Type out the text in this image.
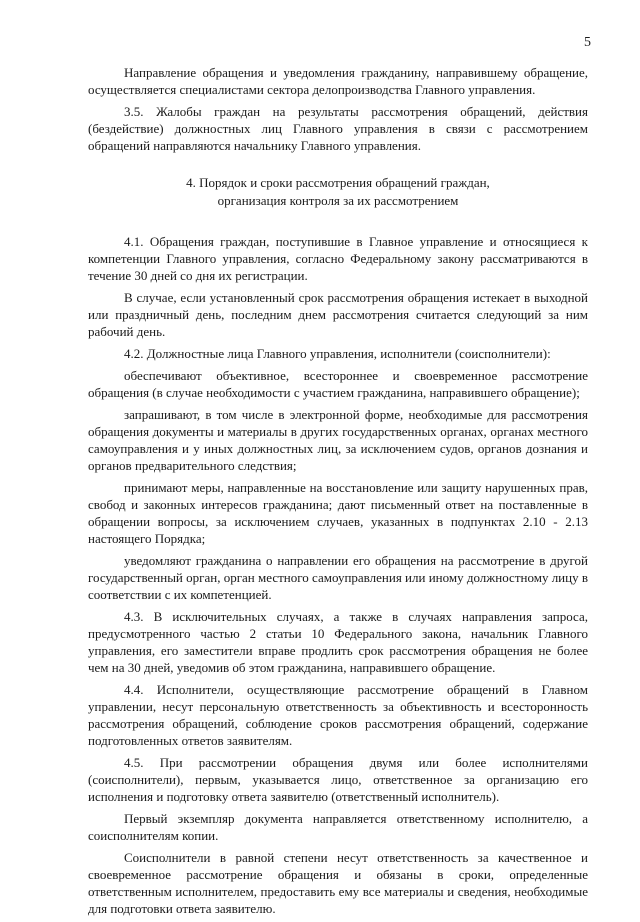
5

Направление обращения и уведомления гражданину, направившему обращение, осуществляется специалистами сектора делопроизводства Главного управления.

3.5. Жалобы граждан на результаты рассмотрения обращений, действия (бездействие) должностных лиц Главного управления в связи с рассмотрением обращений направляются начальнику Главного управления.

4. Порядок и сроки рассмотрения обращений граждан,
организация контроля за их рассмотрением

4.1. Обращения граждан, поступившие в Главное управление и относящиеся к компетенции Главного управления, согласно Федеральному закону рассматриваются в течение 30 дней со дня их регистрации.

В случае, если установленный срок рассмотрения обращения истекает в выходной или праздничный день, последним днем рассмотрения считается следующий за ним рабочий день.

4.2. Должностные лица Главного управления, исполнители (соисполнители):

обеспечивают объективное, всестороннее и своевременное рассмотрение обращения (в случае необходимости с участием гражданина, направившего обращение);

запрашивают, в том числе в электронной форме, необходимые для рассмотрения обращения документы и материалы в других государственных органах, органах местного самоуправления и у иных должностных лиц, за исключением судов, органов дознания и органов предварительного следствия;

принимают меры, направленные на восстановление или защиту нарушенных прав, свобод и законных интересов гражданина; дают письменный ответ на поставленные в обращении вопросы, за исключением случаев, указанных в подпунктах 2.10 - 2.13 настоящего Порядка;

уведомляют гражданина о направлении его обращения на рассмотрение в другой государственный орган, орган местного самоуправления или иному должностному лицу в соответствии с их компетенцией.

4.3. В исключительных случаях, а также в случаях направления запроса, предусмотренного частью 2 статьи 10 Федерального закона, начальник Главного управления, его заместители вправе продлить срок рассмотрения обращения не более чем на 30 дней, уведомив об этом гражданина, направившего обращение.

4.4. Исполнители, осуществляющие рассмотрение обращений в Главном управлении, несут персональную ответственность за объективность и всесторонность рассмотрения обращений, соблюдение сроков рассмотрения обращений, содержание подготовленных ответов заявителям.

4.5. При рассмотрении обращения двумя или более исполнителями (соисполнители), первым, указывается лицо, ответственное за организацию его исполнения и подготовку ответа заявителю (ответственный исполнитель).

Первый экземпляр документа направляется ответственному исполнителю, а соисполнителям копии.

Соисполнители в равной степени несут ответственность за качественное и своевременное рассмотрение обращения и обязаны в сроки, определенные ответственным исполнителем, предоставить ему все материалы и сведения, необходимые для подготовки ответа заявителю.
